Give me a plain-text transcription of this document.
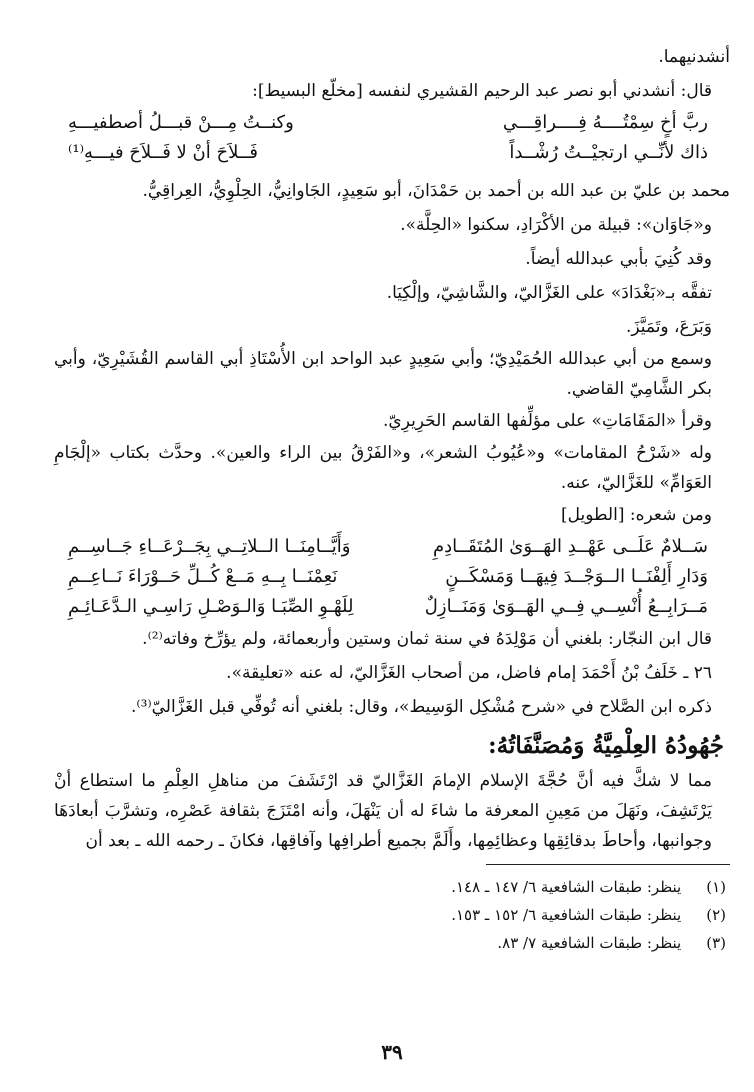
أنشدنيهما.
قال: أنشدني أبو نصر عبد الرحيم القشيري لنفسه [مخلّع البسيط]:
ربَّ أخٍ سِمْتُــــهُ فِــــراقِـــي
وكنــتُ مِـــنْ قبـــلُ أصطفيـــهِ
ذاك لأنِّــي ارتجيْــتُ رُشْــداً
فَــلاَحَ أنْ لا فَــلاَحَ فيـــهِ⁽¹⁾
محمد بن عليّ بن عبد الله بن أحمد بن حَمْدَانَ، أبو سَعِيدٍ، الجَاوانِيُّ، الحِلْوِيُّ، العِراقِيُّ.
و«جَاوَان»: قبيلة من الأكْرَادِ، سكنوا «الحِلَّة».
وقد كُنِيَ بأبي عبدالله أيضاً.
تفقَّه بـ«بَغْدَادَ» على الغَزَّاليّ، والشَّاشِيّ، وإلْكِيَا.
وَبَرَعَ، وتَمَيَّزَ.
وسمع من أبي عبدالله الحُمَيْدِيّ؛ وأبي سَعِيدٍ عبد الواحد ابن الأُسْتَاذِ أبي القاسم القُشَيْرِيّ، وأبي بكر الشَّامِيّ القاضي.
وقرأ «المَقَامَاتِ» على مؤلِّفها القاسم الحَرِيرِيّ.
وله «شَرْحُ المقامات» و«عُيُوبُ الشعر»، و«الفَرْقُ بين الراء والعين». وحدَّث بكتاب «إلْجَامِ العَوَامِّ» للغَزَّاليّ، عنه.
ومن شعره: [الطويل]
سَــلامٌ عَلَــى عَهْــدِ الهَــوَىٰ المُتَقَــادِمِ
وَأَيَّــامِنَــا الــلاتِــي بِجَــرْعَــاءِ جَــاسِــمِ
وَدَارِ أَلِفْنَــا الــوَجْــدَ فِيهَــا وَمَسْكَــنٍ
نَعِمْنَــا بِــهِ مَــعْ كُــلِّ حَــوْرَاءَ نَــاعِــمِ
مَــرَابِــعُ أُنْسِــي فِــي الهَــوَىٰ وَمَنَــازِلٌ
لِلَهْـوِ الصِّبَـا وَالـوَصْـلِ رَاسِـي الـدَّعَـائِـمِ
قال ابن النجّار: بلغني أن مَوْلِدَهُ في سنة ثمان وستين وأربعمائة، ولم يؤرِّخ وفاته⁽²⁾.
٢٦ ـ خَلَفُ بْنُ أَحْمَدَ إمام فاضل، من أصحاب الغَزَّاليّ، له عنه «تعليقة».
ذكره ابن الصَّلاح في «شرح مُشْكِل الوَسِيط»، وقال: بلغني أنه تُوفِّي قبل الغَزَّاليّ⁽³⁾.
جُهُودُهُ العِلْمِيَّةُ وَمُصَنَّفَاتُهُ:
مما لا شكَّ فيه أنَّ حُجَّةَ الإسلام الإمامَ الغَزَّاليّ قد ارْتَشَفَ من مناهلِ العِلْمِ ما استطاع أنْ يَرْتَشِفَ، ونَهَلَ من مَعِينِ المعرفة ما شاءَ له أن يَنْهَلَ، وأنه امْتَزَجَ بثقافة عَصْرِه، وتشرَّبَ أبعادَهَا وجوانبها، وأحاطَ بدقائِقِها وعظائِمِها، وأَلَمَّ بجميع أطرافِها وآفاقِها، فكانَ ـ رحمه الله ـ بعد أن
(١) ينظر: طبقات الشافعية ٦/ ١٤٧ ـ ١٤٨.
(٢) ينظر: طبقات الشافعية ٦/ ١٥٢ ـ ١٥٣.
(٣) ينظر: طبقات الشافعية ٧/ ٨٣.
٣٩
